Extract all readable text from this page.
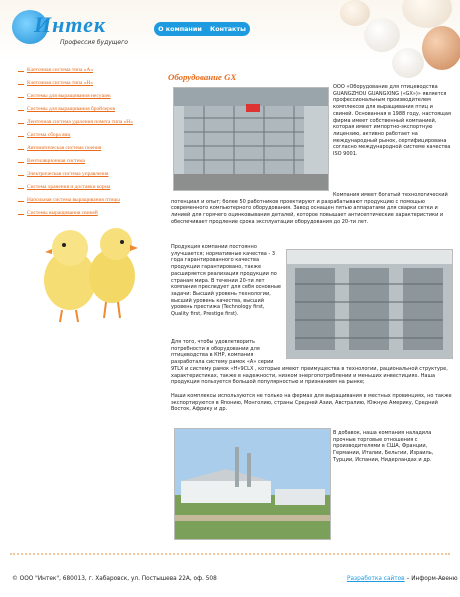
Интек
Профессия будущего
О компании Контакты
Клеточная система типа «A»
Клеточная система типа «H»
Системы для выращивания несушек
Системы для выращивания бройлеров
Ленточная система удаления помета типа «H»
Система сбора яиц
Автоматическая система поения
Вентиляционная система
Электрическая система управления
Система хранения и доставки корма
Напольная система выращивания птицы
Системы выращивания свиней
Оборудование GX
ООО «Оборудование для птицеводства GUANGZHOU GUANGXING («GX»)» является профессиональным производителем комплексов для выращивания птиц и свиней. Основанная в 1988 году, настоящая фирма имеет собственный компанией, которая имеет импортно-экспортную лицензию, активно работает на международный рынок, сертифицирована согласно международной системе качества ISO 9001.
Компания имеет богатый технологический потенциал и опыт; более 50 работников проектируют и разрабатывают продукцию с помощью современного компьютерного оборудования. Завод оснащен пятью аппаратами для сварки сетки и линией для горячего оцинковывания деталей, которое повышает антисептические характеристики и обеспечивает продление срока эксплуатации оборудования до 20-ти лет.
Продукция компании постоянно улучшается; нормативные качества - 3 года гарантированного качества продукции гарантировано, также расширяется реализация продукции по странам мира. В течении 20-ти лет компания преследует для себя основные задачи: Высший уровень технологии, высший уровень качества, высший уровень престижа (Technology first, Quality first, Prestige first).
Для того, чтобы удовлетворить потребности в оборудовании для птицеводства в КНР, компания разработала систему рамок «A» серии
9TLX и систему рамок «H»9CLX , которые имеют преимущества в технологии, рациональной структуре, характеристиках, также в надежности, низком энергопотреблении и меньших инвестициях. Наша продукция пользуется большой популярностью и признанием на рынке;
Наши комплексы используются не только на фермах для выращивания в местных провинциях, но также экспортируются в Японию, Монголию, страны Средней Азии, Австралию, Южную Америку, Средний Восток, Африку и др.
В добавок, наша компания наладила прочные торговые отношения с производителями в США, Франции, Германии, Италии, Бельгии, Израиль, Турции, Испании, Нидерландах и др.
© ООО "Интек", 680013, г. Хабаровск, ул. Постышева 22А, оф. 508	Разработка сайтов – Информ-Авеню
